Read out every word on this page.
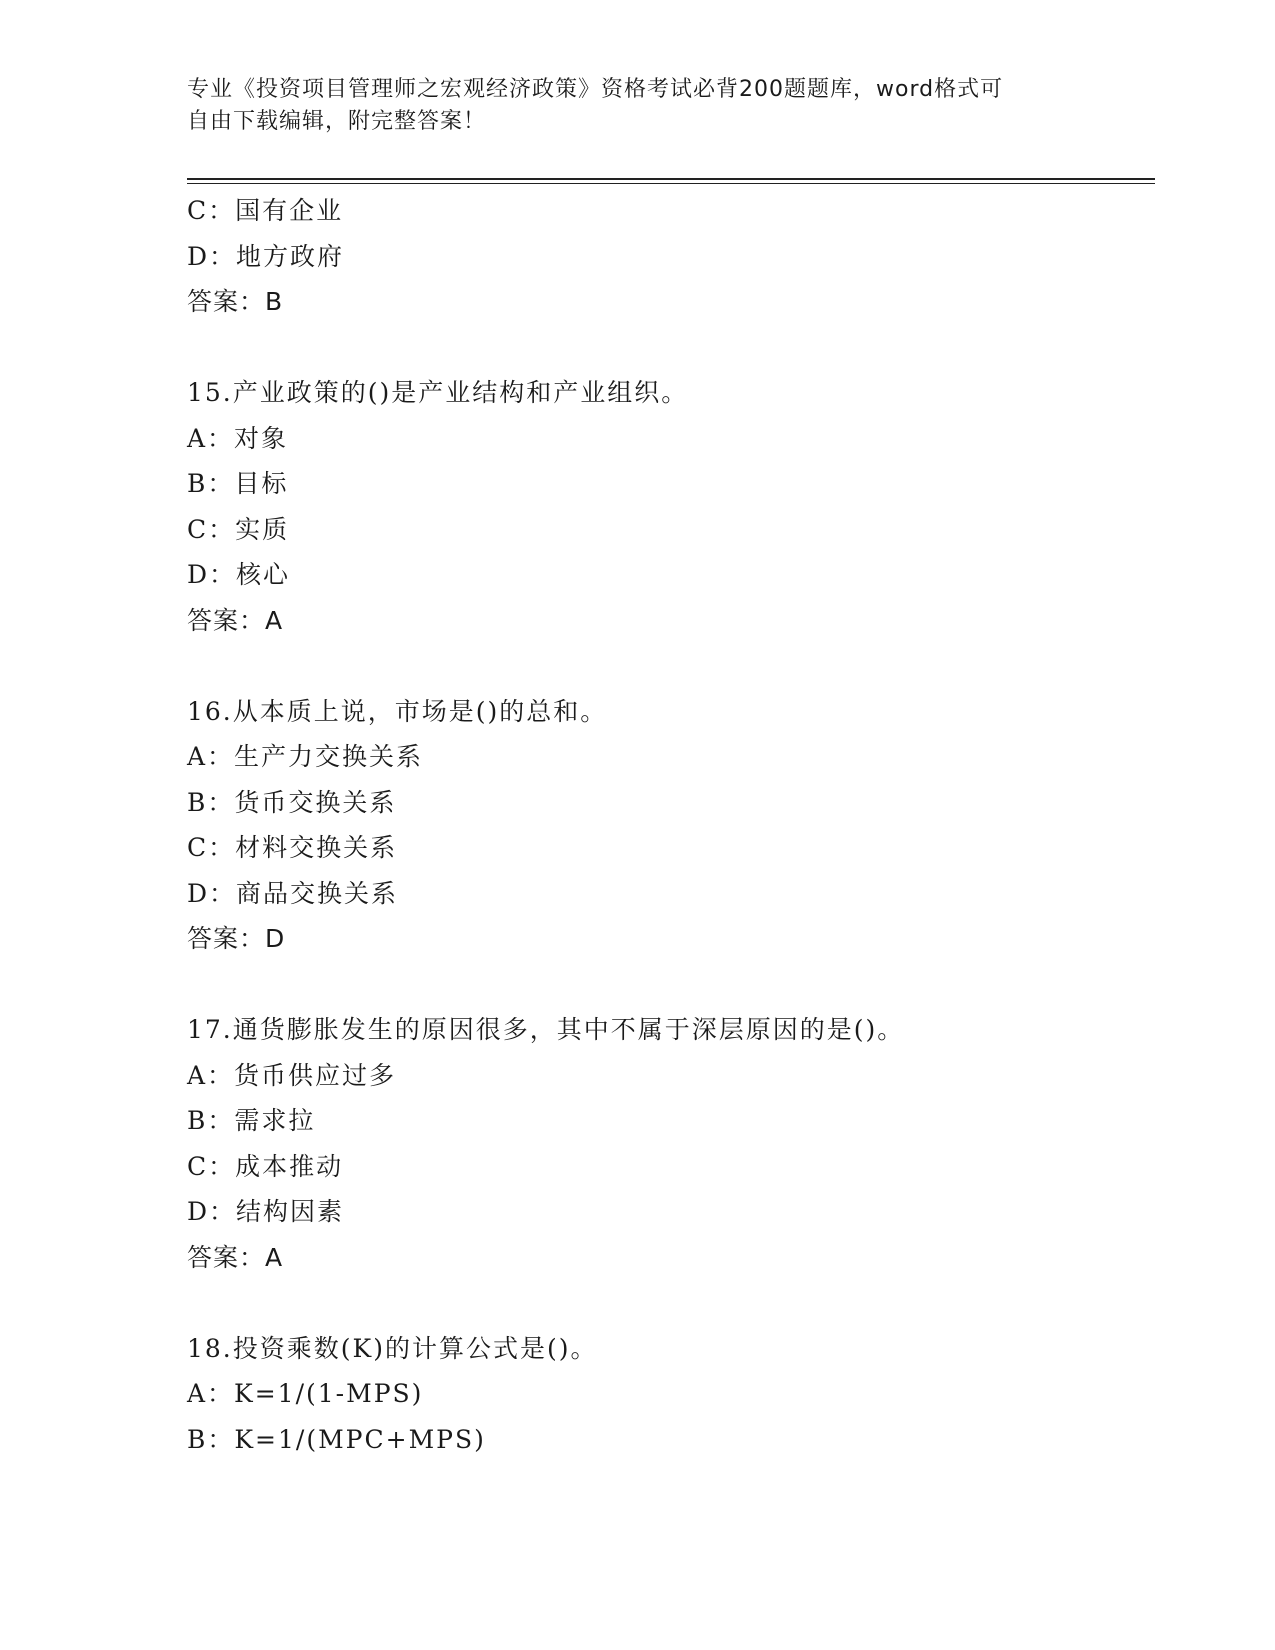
专业《投资项目管理师之宏观经济政策》资格考试必背200题题库，word格式可
自由下载编辑，附完整答案！
C：国有企业
D：地方政府
答案：B
15.产业政策的()是产业结构和产业组织。
A：对象
B：目标
C：实质
D：核心
答案：A
16.从本质上说，市场是()的总和。
A：生产力交换关系
B：货币交换关系
C：材料交换关系
D：商品交换关系
答案：D
17.通货膨胀发生的原因很多，其中不属于深层原因的是()。
A：货币供应过多
B：需求拉
C：成本推动
D：结构因素
答案：A
18.投资乘数(K)的计算公式是()。
A：K=1/(1-MPS)
B：K=1/(MPC+MPS)
